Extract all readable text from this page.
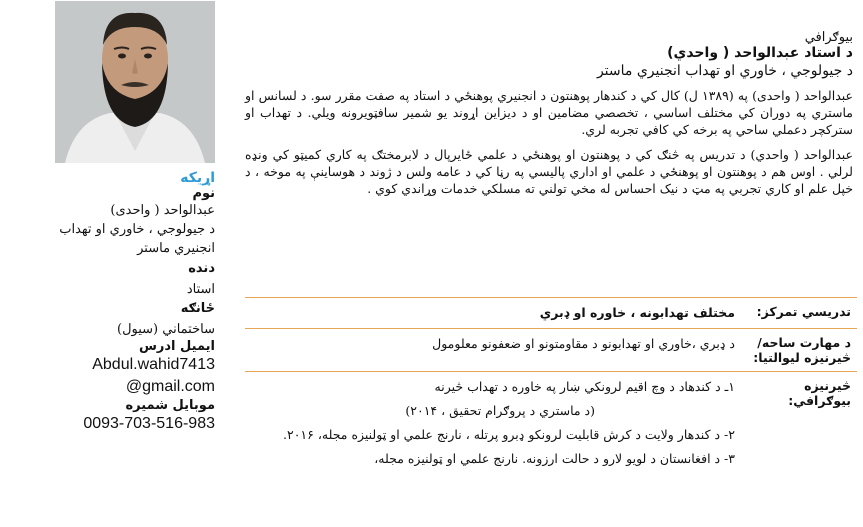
اړيکه
نوم
عبدالواحد ( واحدی)
د جيولوجي ، خاوري او تهداب انجنيري ماستر
دنده
استاد
ځانګه
ساختماني (سيول)
ايميل ادرس
Abdul.wahid7413
@gmail.com
موبايل شميره
0093-703-516-983
بيوګرافي
د استاد عبدالواحد ( واحدي)
د جيولوجي ، خاوري او تهداب انجنيري ماستر
عبدالواحد ( واحدی) په (۱۳۸۹ ل) کال کي د کندهار پوهنتون د انجنيري پوهنځي د استاد په صفت مقرر سو. د لسانس او ماستري په دوران کي مختلف اساسي ، تخصصي مضامين او د ديزاين اړوند يو شمير سافټويرونه ويلي. د تهداب او ستركچر دعملي ساحي په برخه کي کافي تجربه لري.
عبدالواحد ( واحدي) د تدريس په څنګ کي د پوهنتون او پوهنځي د علمي ځايرپال د لابرمختګ په کاري کميټو کي ونډه لرلي . اوس هم د پوهنتون او پوهنځي د علمي او اداري پاليسي په رڼا کي د عامه ولس د ژوند د هوساينې په موخه ، د خپل علم او کاري تجربي په مټ د نيک احساس له مخي تولني ته مسلکي خدمات وړاندي کوي .
تدريسي تمرکز:
مختلف تهدابونه ، خاوره او ډبري
د مهارت ساحه/څيرنيزه ليوالتيا:
د ډبري ،خاوري او تهدابونو د مقاومتونو او ضعفونو معلومول
څيرنيزه بيوګرافي:
۱ـ د کندهاد د وچ اقيم لرونکي ښار په خاوره د تهداب څيرنه
(د ماستري د پروګرام تحقيق ، ۲۰۱۴)
۲- د کندهار ولايت د کرش قابليت لرونکو ډبرو پرتله ، نارنج علمي او ټولنيزه مجله، ۲۰۱۶.
۳- د افغانستان د لويو لارو د حالت ارزونه. نارنج علمي او ټولنيزه مجله،
